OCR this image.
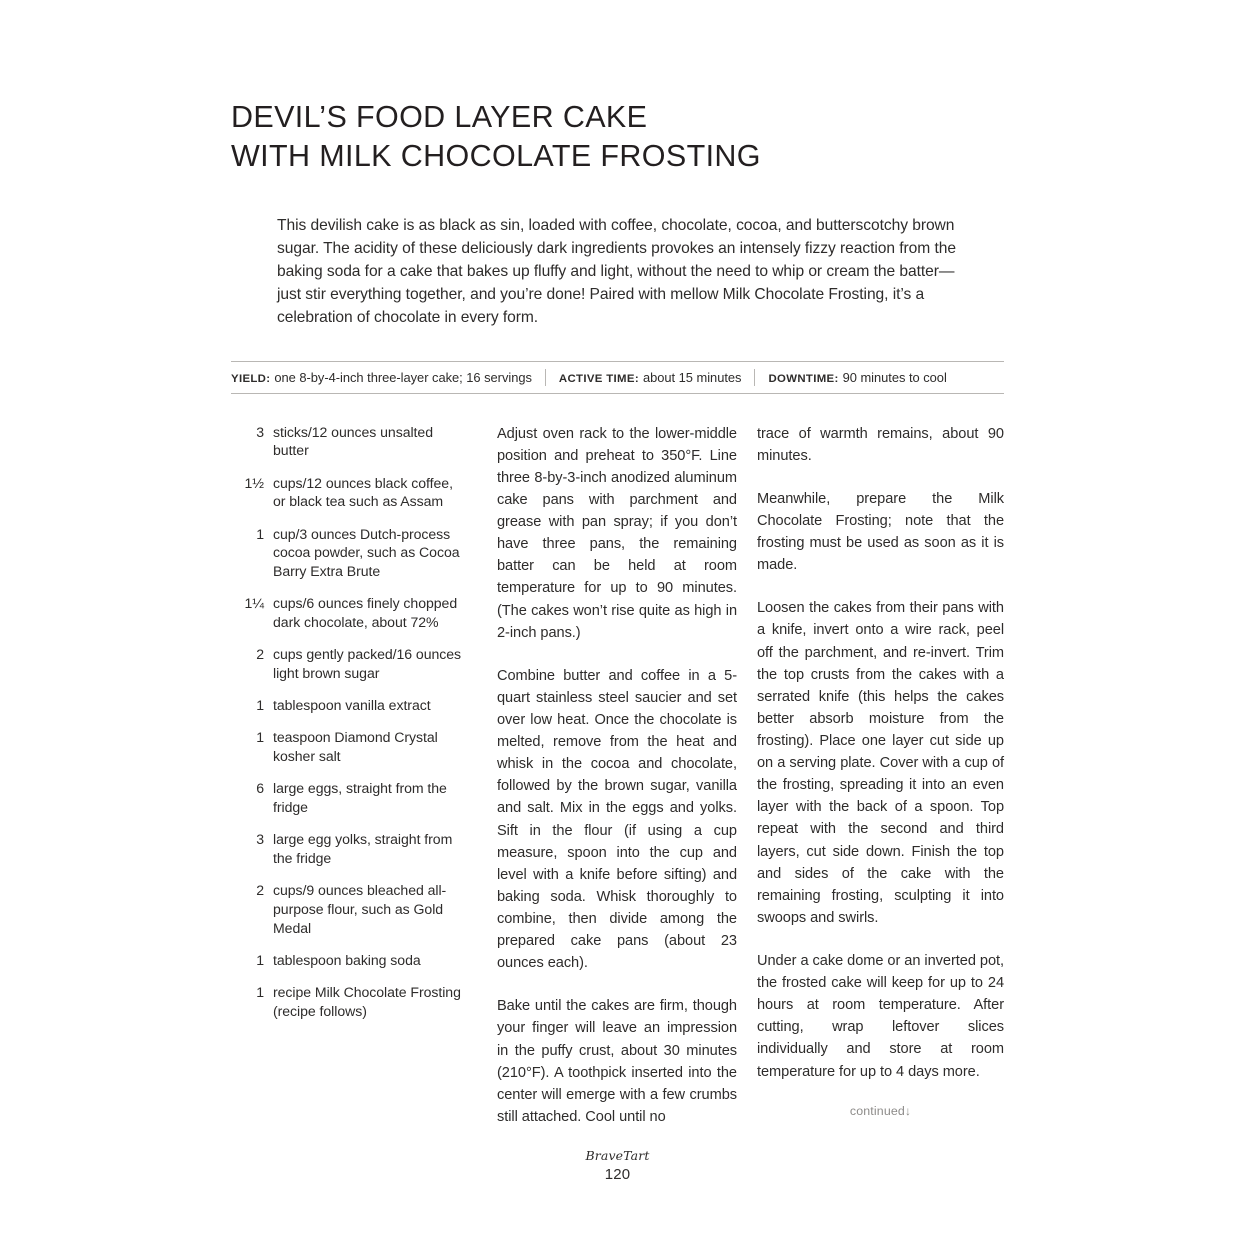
DEVIL’S FOOD LAYER CAKE
WITH MILK CHOCOLATE FROSTING

This devilish cake is as black as sin, loaded with coffee, chocolate, cocoa, and butterscotchy brown sugar. The acidity of these deliciously dark ingredients provokes an intensely fizzy reaction from the baking soda for a cake that bakes up fluffy and light, without the need to whip or cream the batter—just stir everything together, and you’re done! Paired with mellow Milk Chocolate Frosting, it’s a celebration of chocolate in every form.

YIELD: one 8-by-4-inch three-layer cake; 16 servings ACTIVE TIME: about 15 minutes DOWNTIME: 90 minutes to cool
3 sticks/12 ounces unsalted butter
1½ cups/12 ounces black coffee, or black tea such as Assam
1 cup/3 ounces Dutch-process cocoa powder, such as Cocoa Barry Extra Brute
1¼ cups/6 ounces finely chopped dark chocolate, about 72%
2 cups gently packed/16 ounces light brown sugar
1 tablespoon vanilla extract
1 teaspoon Diamond Crystal kosher salt
6 large eggs, straight from the fridge
3 large egg yolks, straight from the fridge
2 cups/9 ounces bleached all-purpose flour, such as Gold Medal
1 tablespoon baking soda
1 recipe Milk Chocolate Frosting (recipe follows)

Adjust oven rack to the lower-middle position and preheat to 350°F. Line three 8-by-3-inch anodized aluminum cake pans with parchment and grease with pan spray; if you don’t have three pans, the remaining batter can be held at room temperature for up to 90 minutes. (The cakes won’t rise quite as high in 2-inch pans.)

Combine butter and coffee in a 5-quart stainless steel saucier and set over low heat. Once the chocolate is melted, remove from the heat and whisk in the cocoa and chocolate, followed by the brown sugar, vanilla and salt. Mix in the eggs and yolks. Sift in the flour (if using a cup measure, spoon into the cup and level with a knife before sifting) and baking soda. Whisk thoroughly to combine, then divide among the prepared cake pans (about 23 ounces each).

Bake until the cakes are firm, though your finger will leave an impression in the puffy crust, about 30 minutes (210°F). A toothpick inserted into the center will emerge with a few crumbs still attached. Cool until no

trace of warmth remains, about 90 minutes.

Meanwhile, prepare the Milk Chocolate Frosting; note that the frosting must be used as soon as it is made.

Loosen the cakes from their pans with a knife, invert onto a wire rack, peel off the parchment, and re-invert. Trim the top crusts from the cakes with a serrated knife (this helps the cakes better absorb moisture from the frosting). Place one layer cut side up on a serving plate. Cover with a cup of the frosting, spreading it into an even layer with the back of a spoon. Top repeat with the second and third layers, cut side down. Finish the top and sides of the cake with the remaining frosting, sculpting it into swoops and swirls.

Under a cake dome or an inverted pot, the frosted cake will keep for up to 24 hours at room temperature. After cutting, wrap leftover slices individually and store at room temperature for up to 4 days more.

continued↓
BraveTart
120
